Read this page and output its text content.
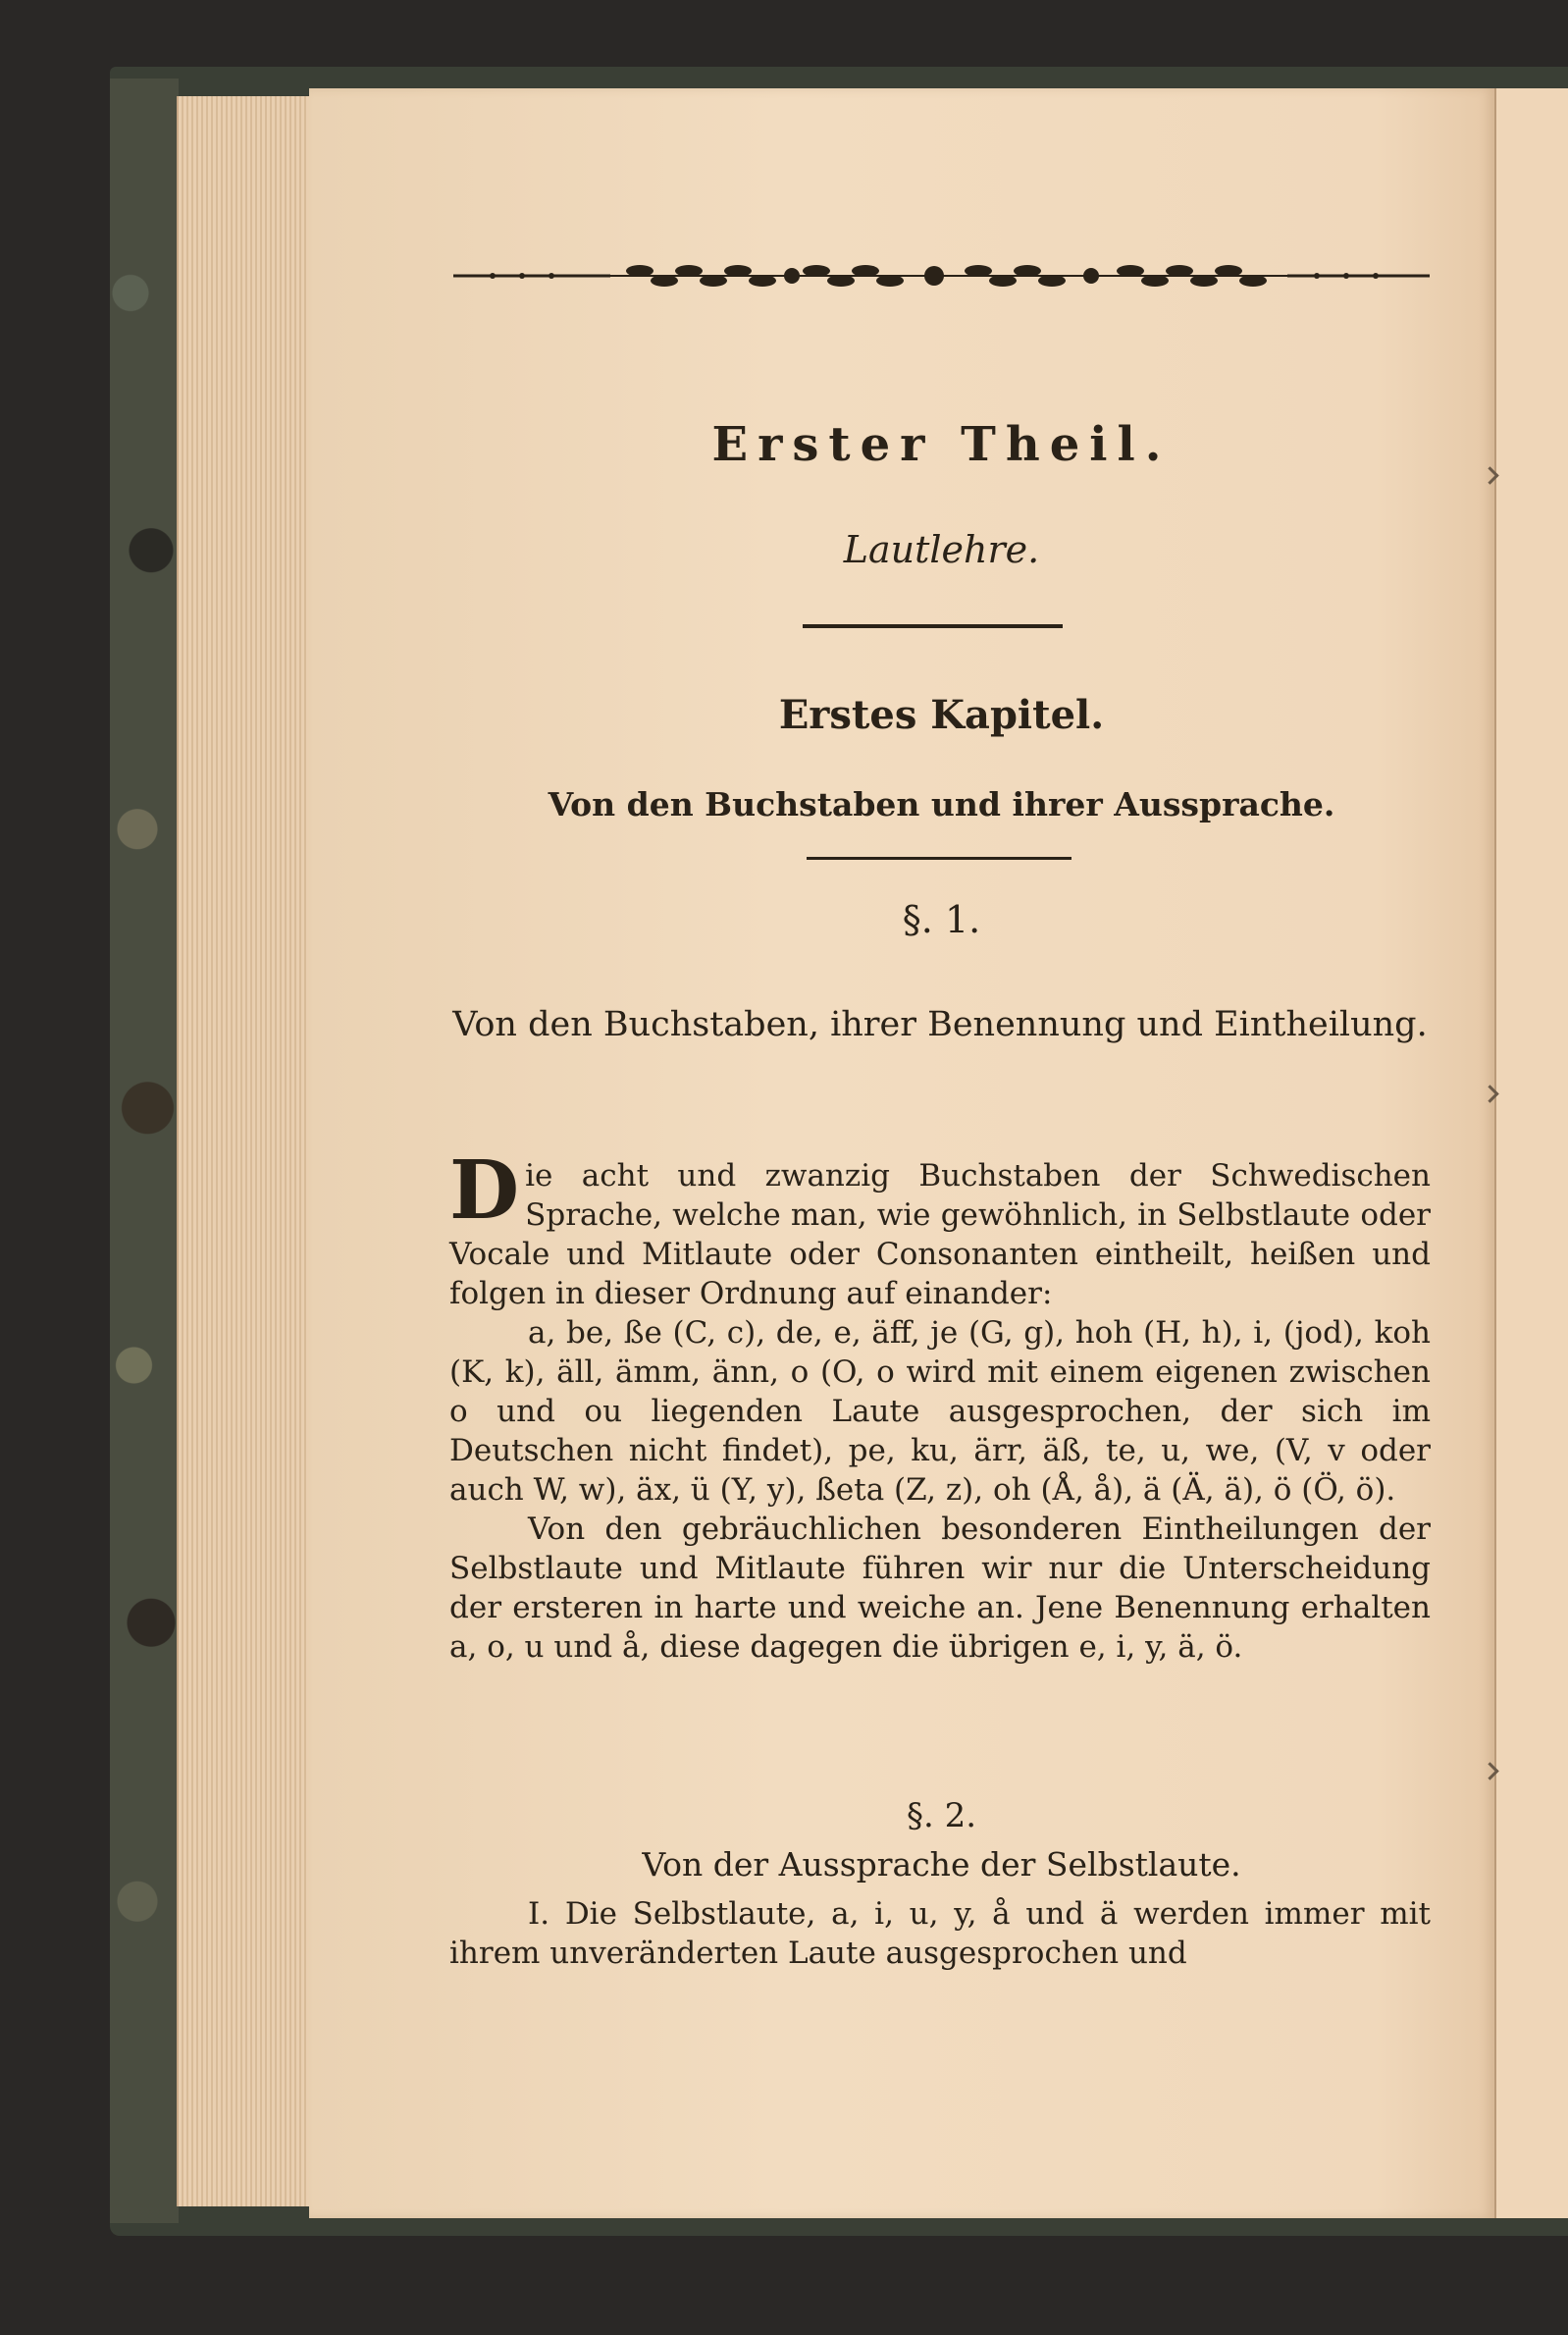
Erster Theil.
Lautlehre.
Erstes Kapitel.
Von den Buchstaben und ihrer Aussprache.
§. 1.
Von den Buchstaben, ihrer Benennung und Eintheilung.

Die acht und zwanzig Buchstaben der Schwedischen Sprache, welche man, wie gewöhnlich, in Selbstlaute oder Vocale und Mitlaute oder Consonanten eintheilt, heißen und folgen in dieser Ordnung auf einander:

a, be, ße (C, c), de, e, äff, je (G, g), hoh (H, h), i, (jod), koh (K, k), äll, ämm, änn, o (O, o wird mit einem eigenen zwischen o und ou liegenden Laute ausgesprochen, der sich im Deutschen nicht findet), pe, ku, ärr, äß, te, u, we, (V, v oder auch W, w), äx, ü (Y, y), ßeta (Z, z), oh (Å, å), ä (Ä, ä), ö (Ö, ö).

Von den gebräuchlichen besonderen Eintheilungen der Selbstlaute und Mitlaute führen wir nur die Unterscheidung der ersteren in harte und weiche an. Jene Benennung erhalten a, o, u und å, diese dagegen die übrigen e, i, y, ä, ö.

§. 2.
Von der Aussprache der Selbstlaute.

I. Die Selbstlaute, a, i, u, y, å und ä werden immer mit ihrem unveränderten Laute ausgesprochen und
